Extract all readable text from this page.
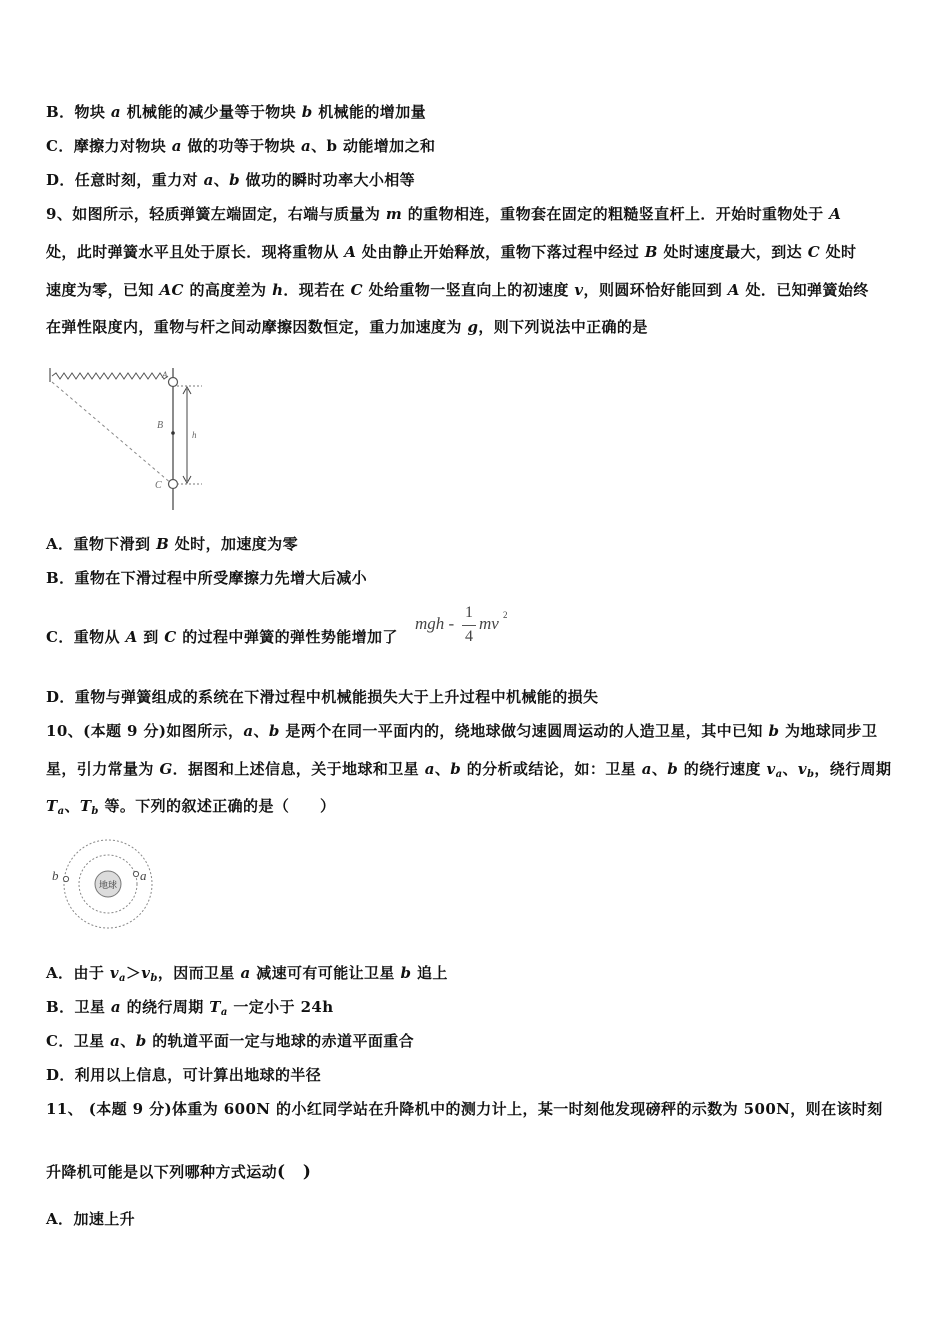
B．物块 a 机械能的减少量等于物块 b 机械能的增加量
C．摩擦力对物块 a 做的功等于物块 a、b 动能增加之和
D．任意时刻，重力对 a、b 做功的瞬时功率大小相等
9、如图所示，轻质弹簧左端固定，右端与质量为 m 的重物相连，重物套在固定的粗糙竖直杆上．开始时重物处于 A
处，此时弹簧水平且处于原长．现将重物从 A 处由静止开始释放，重物下落过程中经过 B 处时速度最大，到达 C 处时
速度为零，已知 AC 的高度差为 h．现若在 C 处给重物一竖直向上的初速度 v，则圆环恰好能回到 A 处．已知弹簧始终
在弹性限度内，重物与杆之间动摩擦因数恒定，重力加速度为 g，则下列说法中正确的是
A
B
C
h
A．重物下滑到 B 处时，加速度为零
B．重物在下滑过程中所受摩擦力先增大后减小
C．重物从 A 到 C 的过程中弹簧的弹性势能增加了
mgh -
1
4
mv 2
D．重物与弹簧组成的系统在下滑过程中机械能损失大于上升过程中机械能的损失
10、(本题 9 分)如图所示，a、b 是两个在同一平面内的，绕地球做匀速圆周运动的人造卫星，其中已知 b 为地球同步卫
星，引力常量为 G．据图和上述信息，关于地球和卫星 a、b 的分析或结论，如：卫星 a、b 的绕行速度 $v_a$、$v_b$，绕行周期
$T_a$、$T_b$ 等。下列的叙述正确的是（　　）
地球
a
b
A．由于 $v_a>v_b$，因而卫星 a 减速可有可能让卫星 b 追上
B．卫星 a 的绕行周期 $T_a$ 一定小于 24h
C．卫星 a、b 的轨道平面一定与地球的赤道平面重合
D．利用以上信息，可计算出地球的半径
11、 (本题 9 分)体重为 600N 的小红同学站在升降机中的测力计上，某一时刻他发现磅秤的示数为 500N，则在该时刻
升降机可能是以下列哪种方式运动(　)
A．加速上升
